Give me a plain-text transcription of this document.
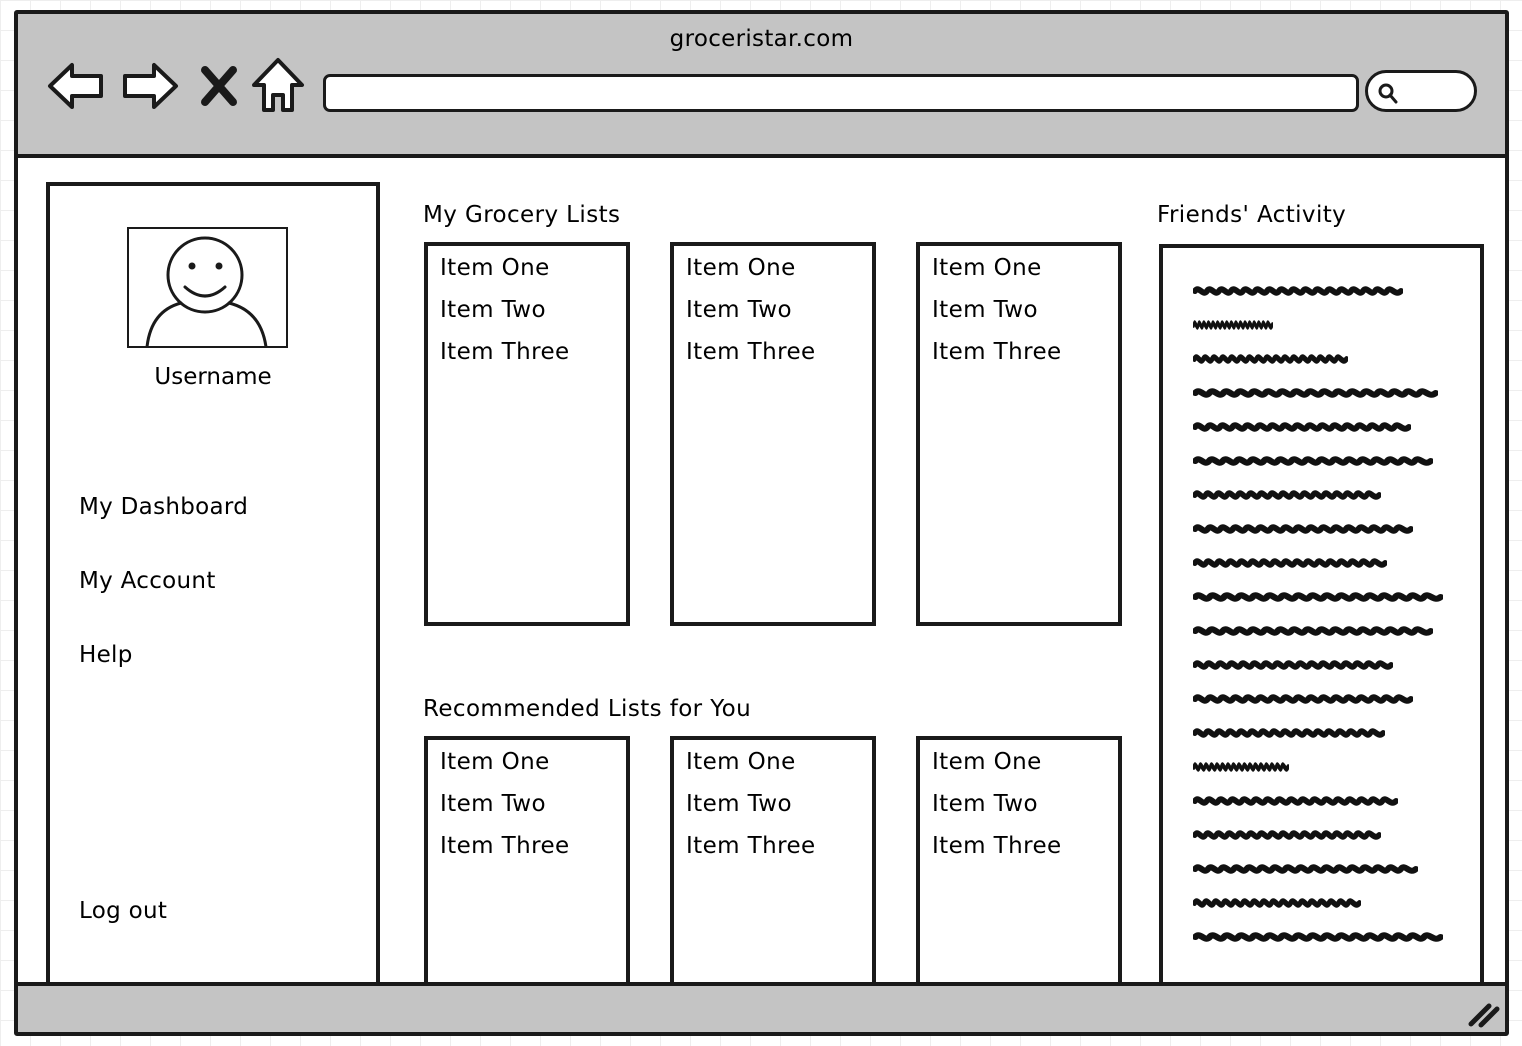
groceristar.com
Username
My Dashboard
My Account
Help
Log out
My Grocery Lists
Item One
Item Two
Item Three
Item One
Item Two
Item Three
Item One
Item Two
Item Three
Recommended Lists for You
Item One
Item Two
Item Three
Item One
Item Two
Item Three
Item One
Item Two
Item Three
Friends' Activity
